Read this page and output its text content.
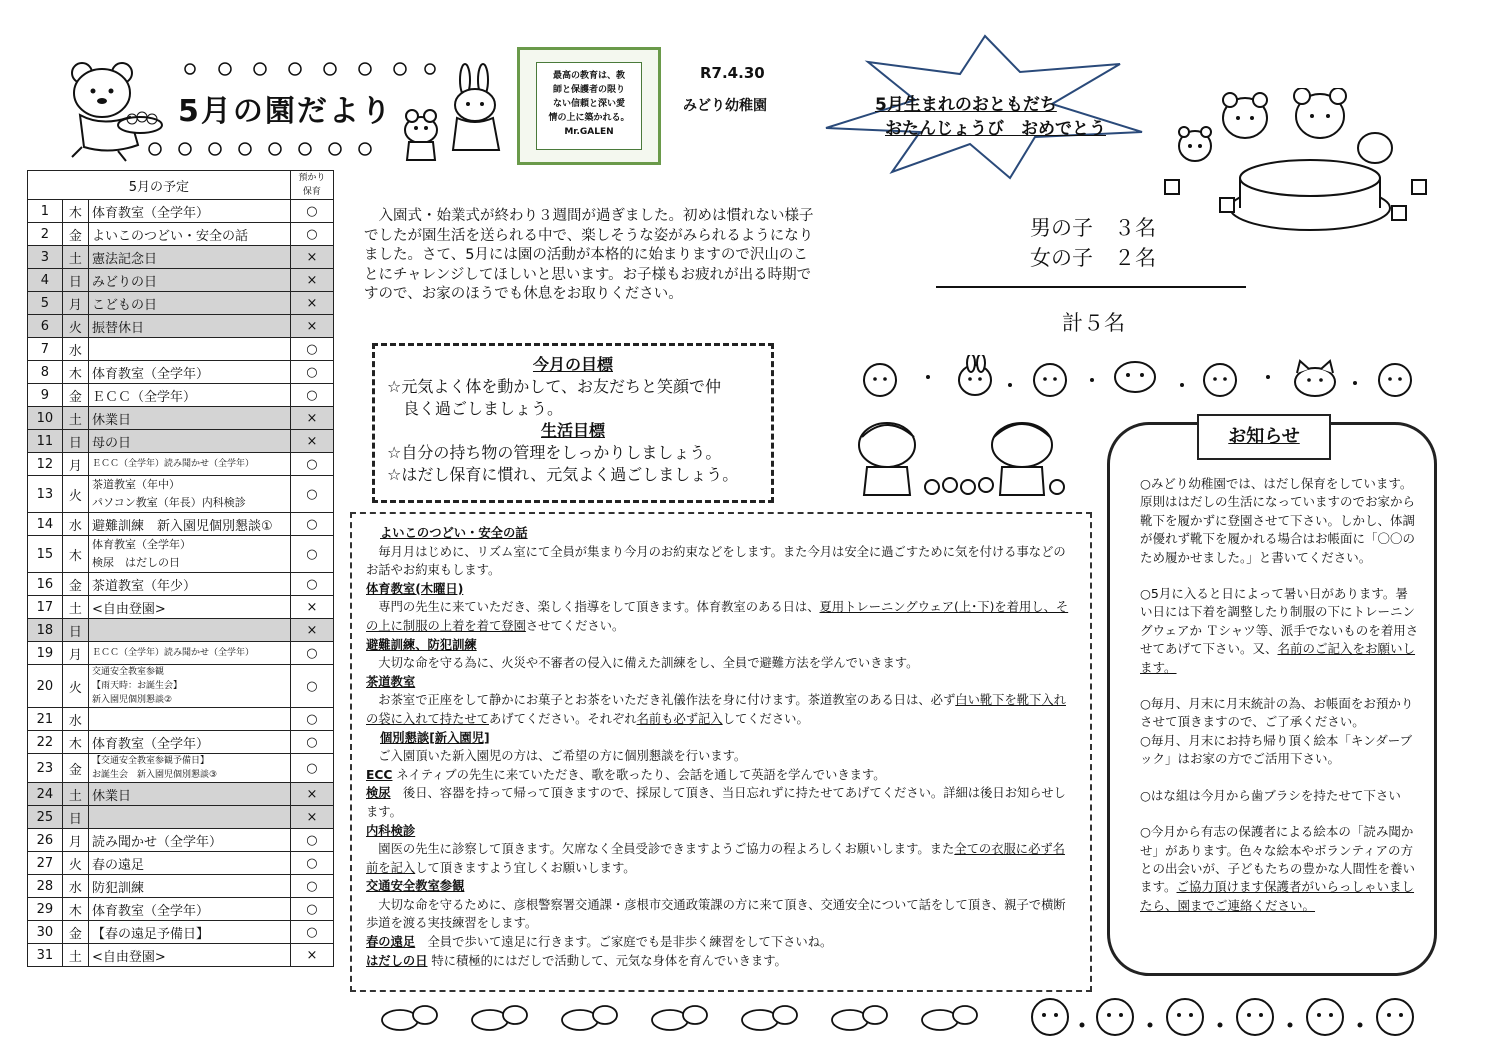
5月の園だより
最高の教育は、教
師と保護者の限り
ない信頼と深い愛
情の上に築かれる。
Mr.GALEN
R7.4.30
みどり幼稚園	5月生まれのおともだち
おたんじょうび　おめでとう
男の子　３名
女の子　２名
計５名
5月の予定			預かり
保育

1	木	体育教室（全学年）	○
2	金	よいこのつどい・安全の話	○
3	土	憲法記念日	×
4	日	みどりの日	×
5	月	こどもの日	×
6	火	振替休日	×
7	水		○
8	木	体育教室（全学年）	○
9	金	ＥＣＣ（全学年）	○
10	土	休業日	×
11	日	母の日	×
12	月	ＥＣＣ（全学年）読み聞かせ（全学年）	○
13	火	茶道教室（年中）
パソコン教室（年長）内科検診	○
14	水	避難訓練　新入園児個別懇談①	○
15	木	体育教室（全学年）
検尿　はだしの日	○
16	金	茶道教室（年少）	○
17	土	<自由登園>	×
18	日		×
19	月	ＥＣＣ（全学年）読み聞かせ（全学年）	○
20	火	交通安全教室参観
【雨天時：お誕生会】
新入園児個別懇談②	○
21	水		○
22	木	体育教室（全学年）	○
23	金	【交通安全教室参観予備日】
お誕生会　新入園児個別懇談③	○
24	土	休業日	×
25	日		×
26	月	読み聞かせ（全学年）	○
27	火	春の遠足	○
28	水	防犯訓練	○
29	木	体育教室（全学年）	○
30	金	【春の遠足予備日】	○
31	土	<自由登園>	×
　入園式・始業式が終わり３週間が過ぎました。初めは慣れない様子でしたが園生活を送られる中で、楽しそうな姿がみられるようになりました。さて、5月には園の活動が本格的に始まりますので沢山のことにチャレンジしてほしいと思います。お子様もお疲れが出る時期ですので、お家のほうでも休息をお取りください。
今月の目標
☆元気よく体を動かして、お友だちと笑顔で仲
　良く過ごしましょう。
生活目標
☆自分の持ち物の管理をしっかりしましょう。
☆はだし保育に慣れ、元気よく過ごしましょう。
よいこのつどい・安全の話
　毎月月はじめに、リズム室にて全員が集まり今月のお約束などをします。また今月は安全に過ごすために気を付ける事などのお話やお約束もします。
体育教室(木曜日)
　専門の先生に来ていただき、楽しく指導をして頂きます。体育教室のある日は、夏用トレーニングウェア(上･下)を着用し、その上に制服の上着を着て登園させてください。
避難訓練、防犯訓練
　大切な命を守る為に、火災や不審者の侵入に備えた訓練をし、全員で避難方法を学んでいきます。
茶道教室
　お茶室で正座をして静かにお菓子とお茶をいただき礼儀作法を身に付けます。茶道教室のある日は、必ず白い靴下を靴下入れの袋に入れて持たせてあげてください。それぞれ名前も必ず記入してください。
個別懇談[新入園児]
　ご入園頂いた新入園児の方は、ご希望の方に個別懇談を行います。
ECC ネイティブの先生に来ていただき、歌を歌ったり、会話を通して英語を学んでいきます。
検尿　後日、容器を持って帰って頂きますので、採尿して頂き、当日忘れずに持たせてあげてください。詳細は後日お知らせします。
内科検診
　園医の先生に診察して頂きます。欠席なく全員受診できますようご協力の程よろしくお願いします。また全ての衣服に必ず名前を記入して頂きますよう宜しくお願いします。
交通安全教室参観
　大切な命を守るために、彦根警察署交通課・彦根市交通政策課の方に来て頂き、交通安全について話をして頂き、親子で横断歩道を渡る実技練習をします。
春の遠足　全員で歩いて遠足に行きます。ご家庭でも是非歩く練習をして下さいね。
はだしの日 特に積極的にはだしで活動して、元気な身体を育んでいきます。

○みどり幼稚園では、はだし保育をしています。原則ははだしの生活になっていますのでお家から靴下を履かずに登園させて下さい。しかし、体調が優れず靴下を履かれる場合はお帳面に「〇〇のため履かせました。」と書いてください。

○5月に入ると日によって暑い日があります。暑い日には下着を調整したり制服の下にトレーニングウェアか Ｔシャツ等、派手でないものを着用させてあげて下さい。又、名前のご記入をお願いします。

○毎月、月末に月末統計の為、お帳面をお預かりさせて頂きますので、ご了承ください。

○毎月、月末にお持ち帰り頂く絵本「キンダーブック」はお家の方でご活用下さい。

○はな組は今月から歯ブラシを持たせて下さい

○今月から有志の保護者による絵本の「読み聞かせ」があります。色々な絵本やボランティアの方との出会いが、子どもたちの豊かな人間性を養います。ご協力頂けます保護者がいらっしゃいましたら、園までご連絡ください。

お知らせ
